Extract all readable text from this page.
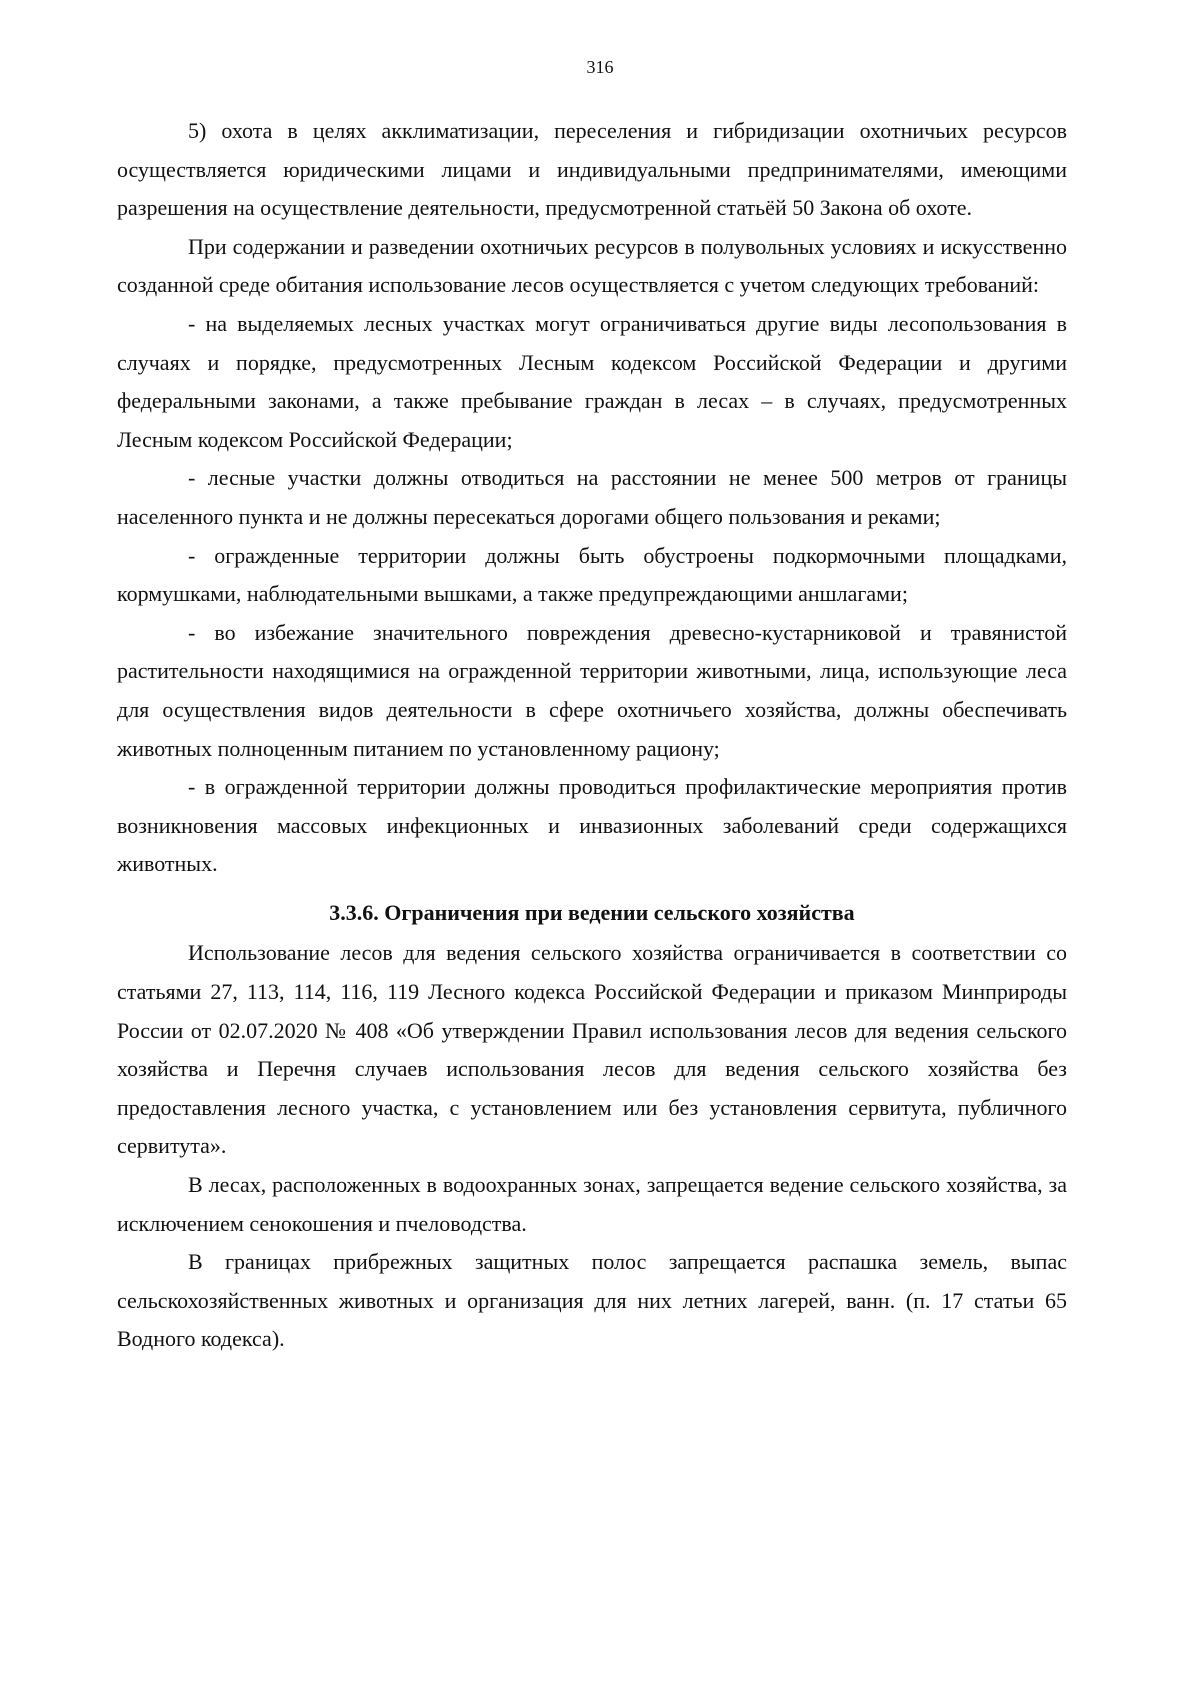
316

5) охота в целях акклиматизации, переселения и гибридизации охотничьих ресурсов осуществляется юридическими лицами и индивидуальными предпринимателями, имеющими разрешения на осуществление деятельности, предусмотренной статьёй 50 Закона об охоте.

При содержании и разведении охотничьих ресурсов в полувольных условиях и искусственно созданной среде обитания использование лесов осуществляется с учетом следующих требований:

- на выделяемых лесных участках могут ограничиваться другие виды лесопользования в случаях и порядке, предусмотренных Лесным кодексом Российской Федерации и другими федеральными законами, а также пребывание граждан в лесах – в случаях, предусмотренных Лесным кодексом Российской Федерации;

- лесные участки должны отводиться на расстоянии не менее 500 метров от границы населенного пункта и не должны пересекаться дорогами общего пользования и реками;

- огражденные территории должны быть обустроены подкормочными площадками, кормушками, наблюдательными вышками, а также предупреждающими аншлагами;

- во избежание значительного повреждения древесно-кустарниковой и травянистой растительности находящимися на огражденной территории животными, лица, использующие леса для осуществления видов деятельности в сфере охотничьего хозяйства, должны обеспечивать животных полноценным питанием по установленному рациону;

- в огражденной территории должны проводиться профилактические мероприятия против возникновения массовых инфекционных и инвазионных заболеваний среди содержащихся животных.

3.3.6. Ограничения при ведении сельского хозяйства

Использование лесов для ведения сельского хозяйства ограничивается в соответствии со статьями 27, 113, 114, 116, 119 Лесного кодекса Российской Федерации и приказом Минприроды России от 02.07.2020 № 408 «Об утверждении Правил использования лесов для ведения сельского хозяйства и Перечня случаев использования лесов для ведения сельского хозяйства без предоставления лесного участка, с установлением или без установления сервитута, публичного сервитута».

В лесах, расположенных в водоохранных зонах, запрещается ведение сельского хозяйства, за исключением сенокошения и пчеловодства.

В границах прибрежных защитных полос запрещается распашка земель, выпас сельскохозяйственных животных и организация для них летних лагерей, ванн. (п. 17 статьи 65 Водного кодекса).
